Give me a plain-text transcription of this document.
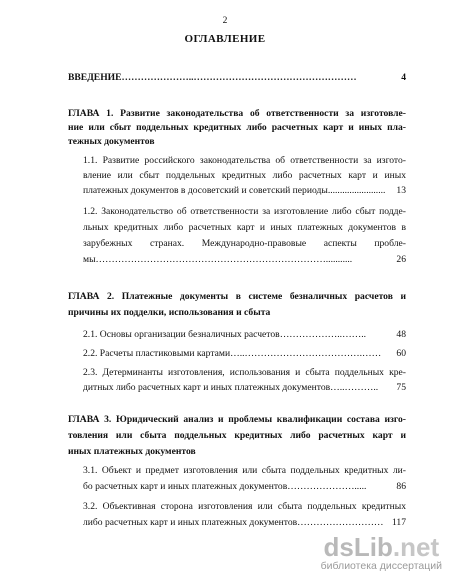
2
ОГЛАВЛЕНИЕ
ВВЕДЕНИЕ …………………..……………………………………………	4
ГЛАВА 1. Развитие законодательства об ответственности за изготовле-
ние или сбыт поддельных кредитных либо расчетных карт и иных пла-
тежных документов
1.1. Развитие российского законодательства об ответственности за изгото-
вление или сбыт поддельных кредитных либо расчетных карт и иных
платежных документов в досоветский и советский периоды ........................	13
1.2. Законодательство об ответственности за изготовление либо сбыт подде-
льных кредитных либо расчетных карт и иных платежных документов в
зарубежных странах. Международно-правовые аспекты пробле-
мы ………………………………………………………………...........	26
ГЛАВА 2. Платежные документы в системе безналичных расчетов и
причины их подделки, использования и сбыта
2.1. Основы организации безналичных расчетов ………………..……..	48
2.2. Расчеты пластиковыми картами …..……………………………….……	60
2.3. Детерминанты изготовления, использования и сбыта поддельных кре-
дитных либо расчетных карт и иных платежных документов …..………..	75
ГЛАВА 3. Юридический анализ и проблемы квалификации состава изго-
товления или сбыта поддельных кредитных либо расчетных карт и
иных платежных документов
3.1. Объект и предмет изготовления или сбыта поддельных кредитных ли-
бо расчетных карт и иных платежных документов ………………….....	86
3.2. Объективная сторона изготовления или сбыта поддельных кредитных
либо расчетных карт и иных платежных документов ……………………… 117
dsLib.net
библиотека диссертаций
